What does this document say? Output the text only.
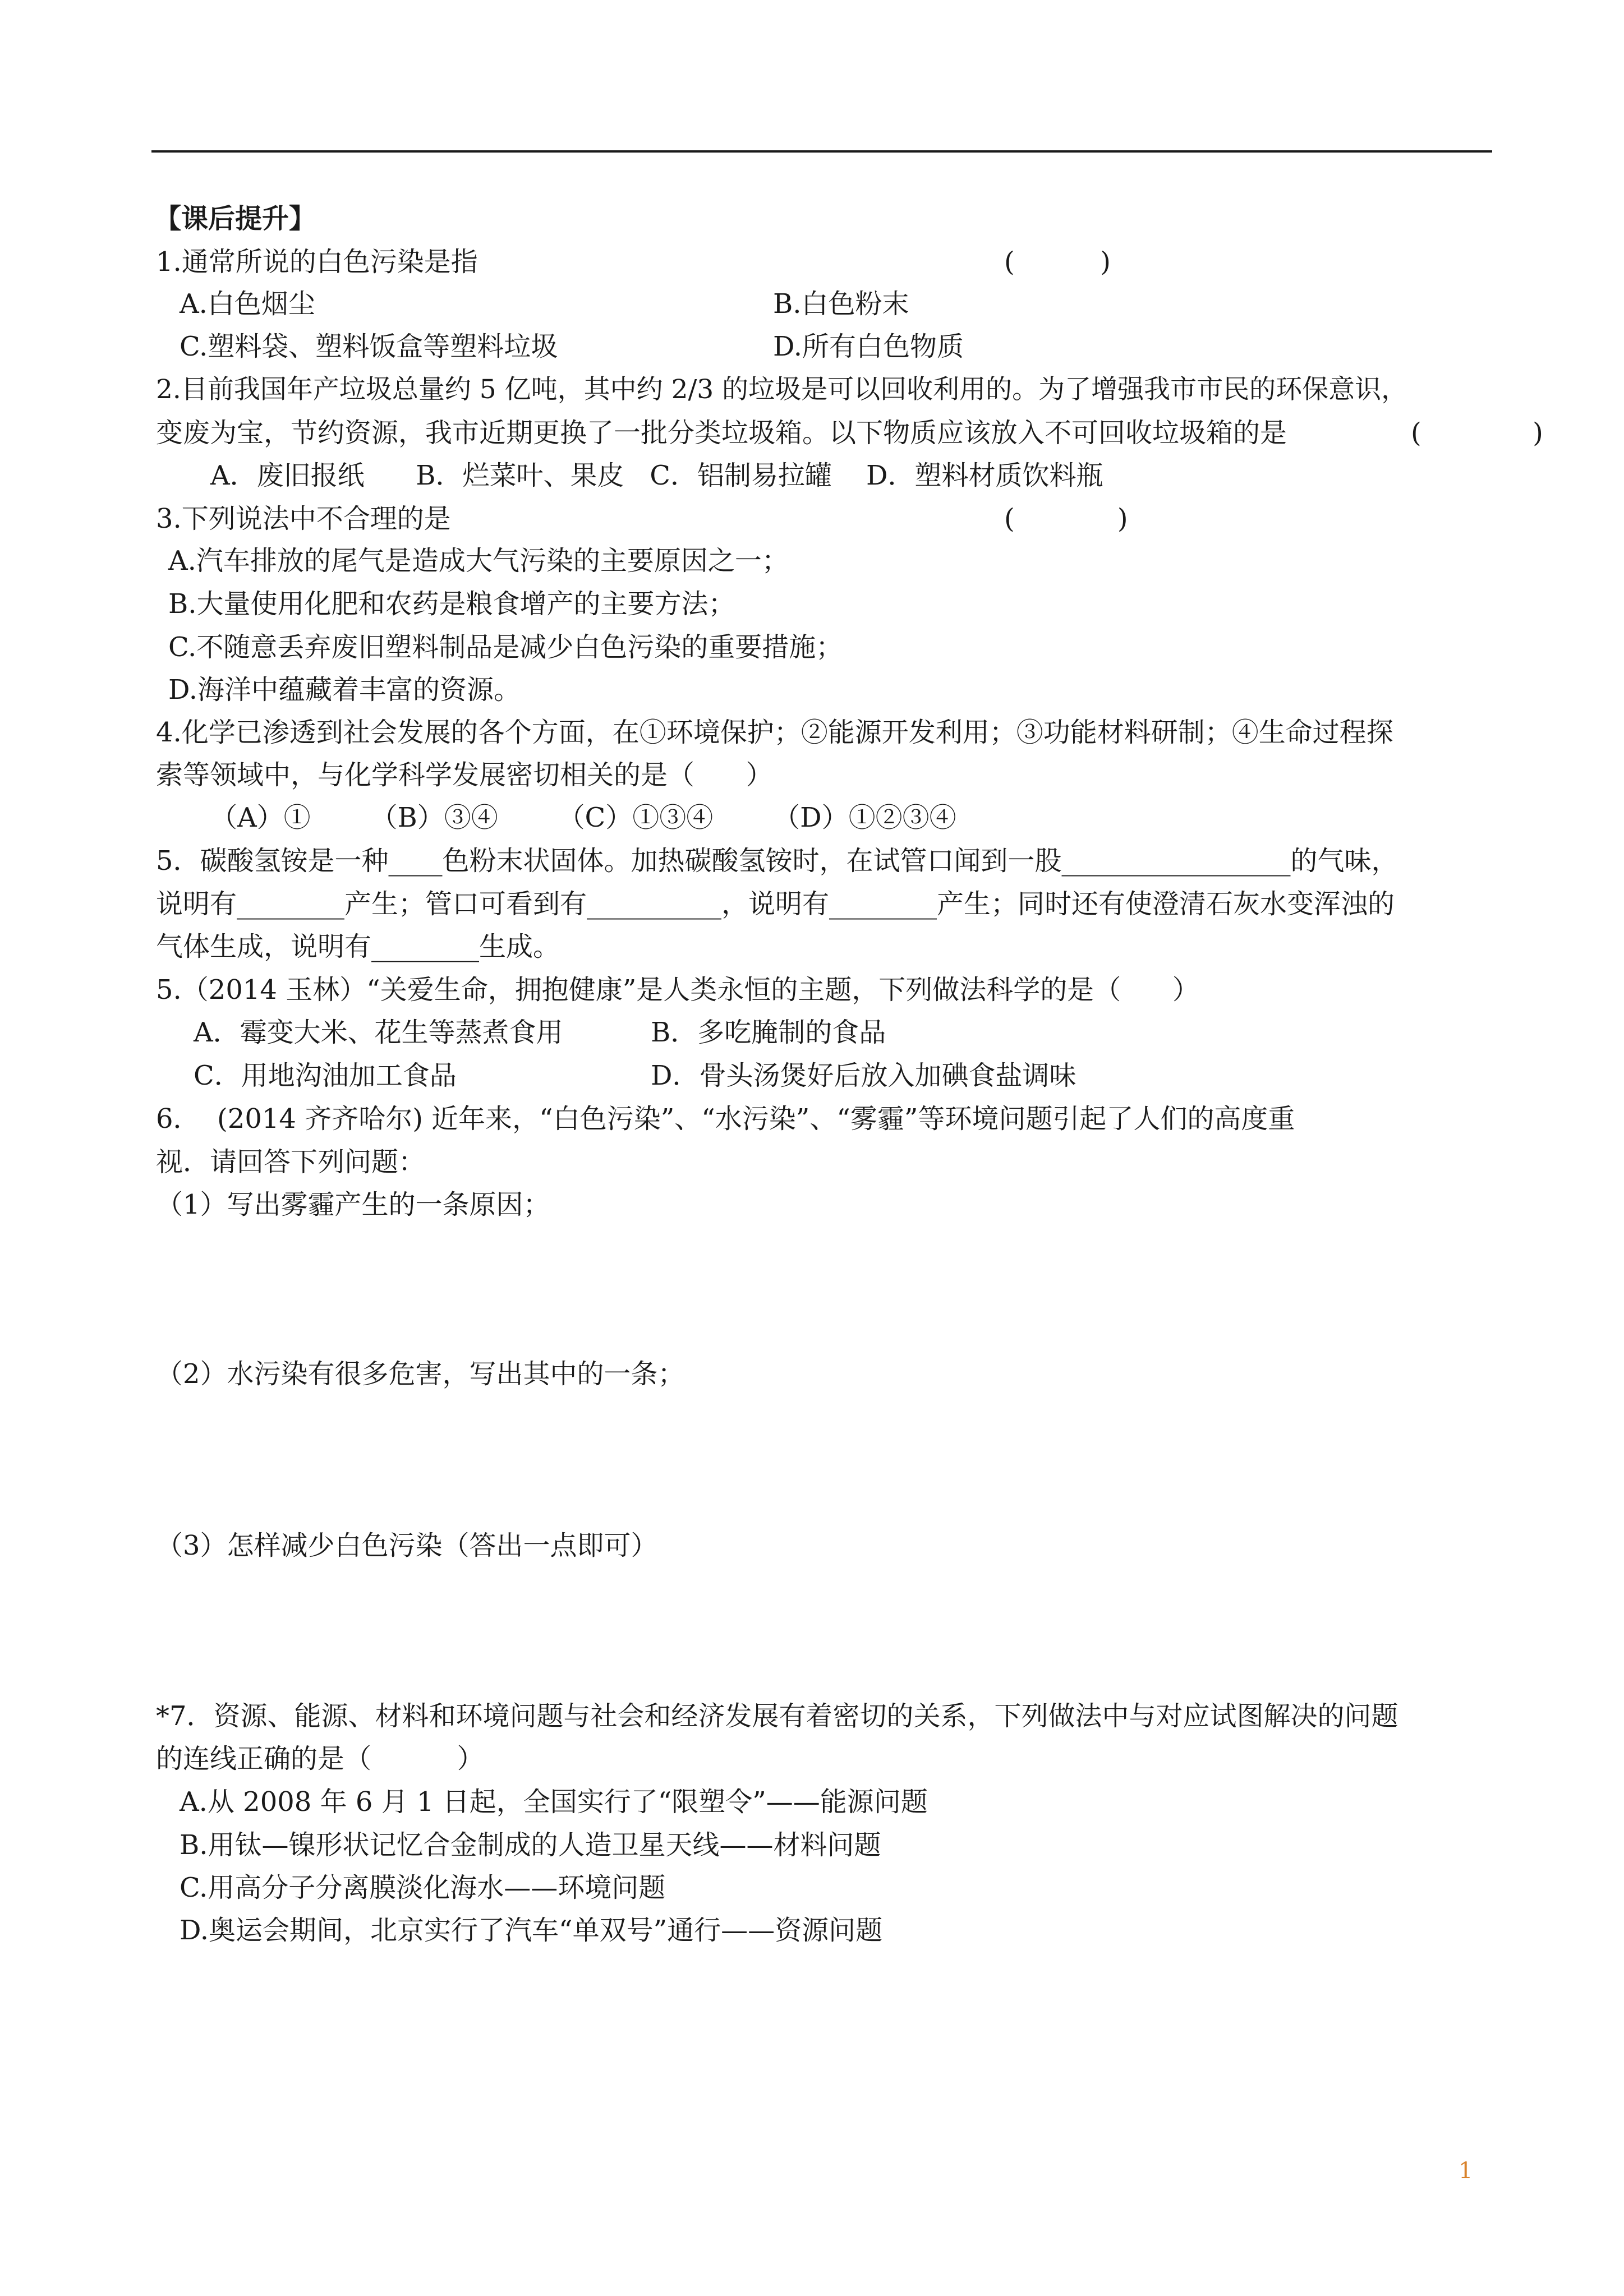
【课后提升】
1.通常所说的白色污染是指	(          )
A.白色烟尘	B.白色粉末
C.塑料袋、塑料饭盒等塑料垃圾	D.所有白色物质
2.目前我国年产垃圾总量约 5 亿吨，其中约 2/3 的垃圾是可以回收利用的。为了增强我市市民的环保意识，
变废为宝，节约资源，我市近期更换了一批分类垃圾箱。以下物质应该放入不可回收垃圾箱的是	(             )
A．废旧报纸      B．烂菜叶、果皮   C．铝制易拉罐    D．塑料材质饮料瓶
3.下列说法中不合理的是	(            )
A.汽车排放的尾气是造成大气污染的主要原因之一；
B.大量使用化肥和农药是粮食增产的主要方法；
C.不随意丢弃废旧塑料制品是减少白色污染的重要措施；
D.海洋中蕴藏着丰富的资源。
4.化学已渗透到社会发展的各个方面，在①环境保护；②能源开发利用；③功能材料研制；④生命过程探
索等领域中，与化学科学发展密切相关的是（      ）
（A）①       （B）③④       （C）①③④       （D）①②③④
5．碳酸氢铵是一种____色粉末状固体。加热碳酸氢铵时，在试管口闻到一股_________________的气味，
说明有________产生；管口可看到有__________，说明有________产生；同时还有使澄清石灰水变浑浊的
气体生成，说明有________生成。
5.（2014 玉林）“关爱生命，拥抱健康”是人类永恒的主题，下列做法科学的是（      ）
A．霉变大米、花生等蒸煮食用	B．多吃腌制的食品
C．用地沟油加工食品	D．骨头汤煲好后放入加碘食盐调味
6．  (2014 齐齐哈尔) 近年来，“白色污染”、“水污染”、“雾霾”等环境问题引起了人们的高度重
视．请回答下列问题：
（1）写出雾霾产生的一条原因；
（2）水污染有很多危害，写出其中的一条；
（3）怎样减少白色污染（答出一点即可）
*7．资源、能源、材料和环境问题与社会和经济发展有着密切的关系，下列做法中与对应试图解决的问题
的连线正确的是（          ）
A.从 2008 年 6 月 1 日起，全国实行了“限塑令”——能源问题
B.用钛—镍形状记忆合金制成的人造卫星天线——材料问题
C.用高分子分离膜淡化海水——环境问题
D.奥运会期间，北京实行了汽车“单双号”通行——资源问题
1
